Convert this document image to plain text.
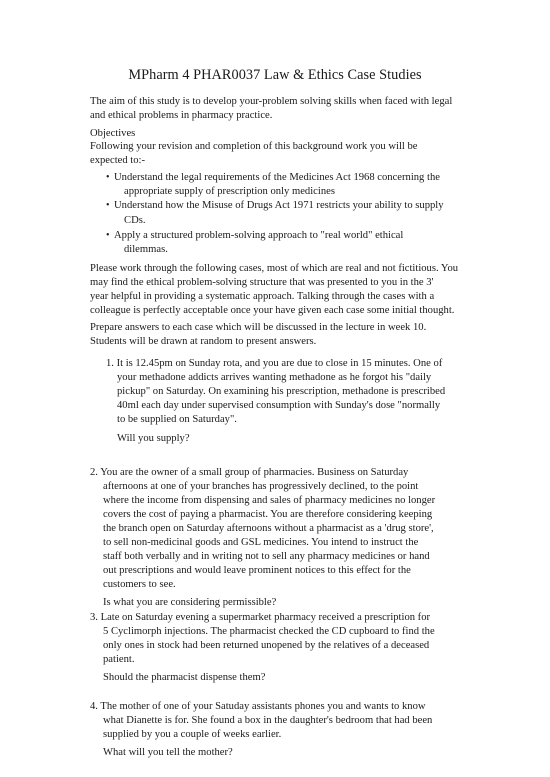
MPharm 4 PHAR0037 Law & Ethics Case Studies
The aim of this study is to develop your-problem solving skills when faced with legal
and ethical problems in pharmacy practice.
Objectives
Following your revision and completion of this background work you will be
expected to:-
• Understand the legal requirements of the Medicines Act 1968 concerning the
appropriate supply of prescription only medicines
• Understand how the Misuse of Drugs Act 1971 restricts your ability to supply
CDs.
• Apply a structured problem-solving approach to "real world" ethical
dilemmas.
Please work through the following cases, most of which are real and not fictitious. You
may find the ethical problem-solving structure that was presented to you in the 3'
year helpful in providing a systematic approach. Talking through the cases with a
colleague is perfectly acceptable once your have given each case some initial thought.
Prepare answers to each case which will be discussed in the lecture in week 10.
Students will be drawn at random to present answers.
1. It is 12.45pm on Sunday rota, and you are due to close in 15 minutes. One of
your methadone addicts arrives wanting methadone as he forgot his "daily
pickup" on Saturday. On examining his prescription, methadone is prescribed
40ml each day under supervised consumption with Sunday's dose "normally
to be supplied on Saturday".
Will you supply?
2. You are the owner of a small group of pharmacies. Business on Saturday
afternoons at one of your branches has progressively declined, to the point
where the income from dispensing and sales of pharmacy medicines no longer
covers the cost of paying a pharmacist. You are therefore considering keeping
the branch open on Saturday afternoons without a pharmacist as a 'drug store',
to sell non-medicinal goods and GSL medicines. You intend to instruct the
staff both verbally and in writing not to sell any pharmacy medicines or hand
out prescriptions and would leave prominent notices to this effect for the
customers to see.
Is what you are considering permissible?
3. Late on Saturday evening a supermarket pharmacy received a prescription for
5 Cyclimorph injections. The pharmacist checked the CD cupboard to find the
only ones in stock had been returned unopened by the relatives of a deceased
patient.
Should the pharmacist dispense them?
4. The mother of one of your Satuday assistants phones you and wants to know
what Dianette is for. She found a box in the daughter's bedroom that had been
supplied by you a couple of weeks earlier.
What will you tell the mother?
